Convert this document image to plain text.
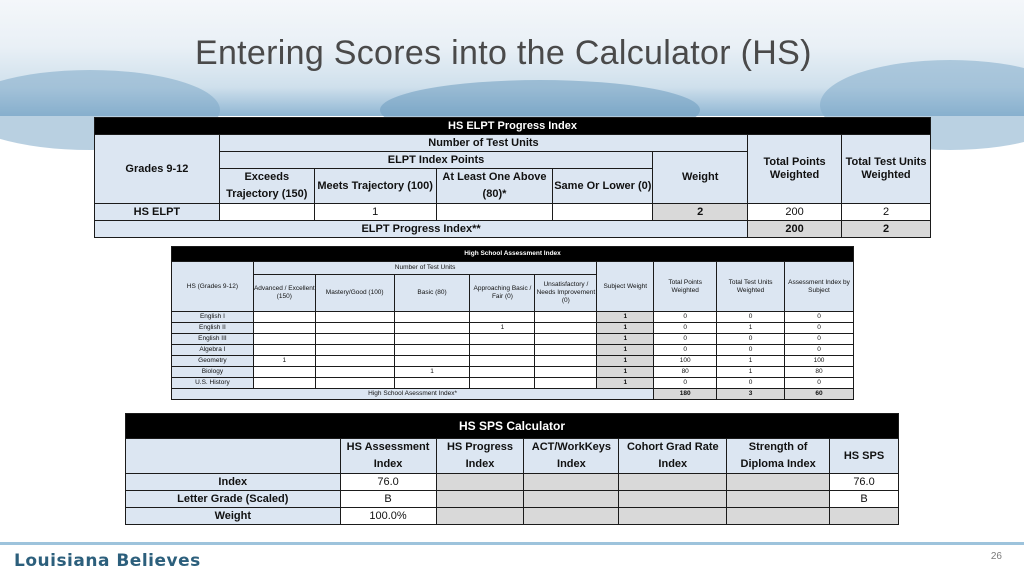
Entering Scores into the Calculator (HS)
HS ELPT Progress Index							
Grades 9-12	Number of Test Units					Total Points Weighted	Total Test Units Weighted
	ELPT Index Points				Weight		
	Exceeds Trajectory (150)	Meets Trajectory (100)	At Least One Above (80)*	Same Or Lower (0)			

HS ELPT		1			2	200	2
ELPT Progress Index**						200	2
High School Assessment Index									
HS (Grades 9-12)	Number of Test Units					Subject Weight	Total Points Weighted	Total Test Units Weighted	Assessment Index by Subject
	Advanced / Excellent (150)	Mastery/Good (100)	Basic (80)	Approaching Basic / Fair (0)	Unsatisfactory / Needs Improvement (0)				
English I						1	0	0	0
English II				1		1	0	1	0
English III						1	0	0	0
Algebra I						1	0	0	0
Geometry	1					1	100	1	100
Biology			1			1	80	1	80
U.S. History						1	0	0	0
High School Asessment Index*							180	3	60
HS SPS Calculator						
	HS Assessment Index	HS Progress Index	ACT/WorkKeys Index	Cohort Grad Rate Index	Strength of Diploma Index	HS SPS
Index	76.0					76.0
Letter Grade (Scaled)	B					B
Weight	100.0%					
Louisiana Believes	26
